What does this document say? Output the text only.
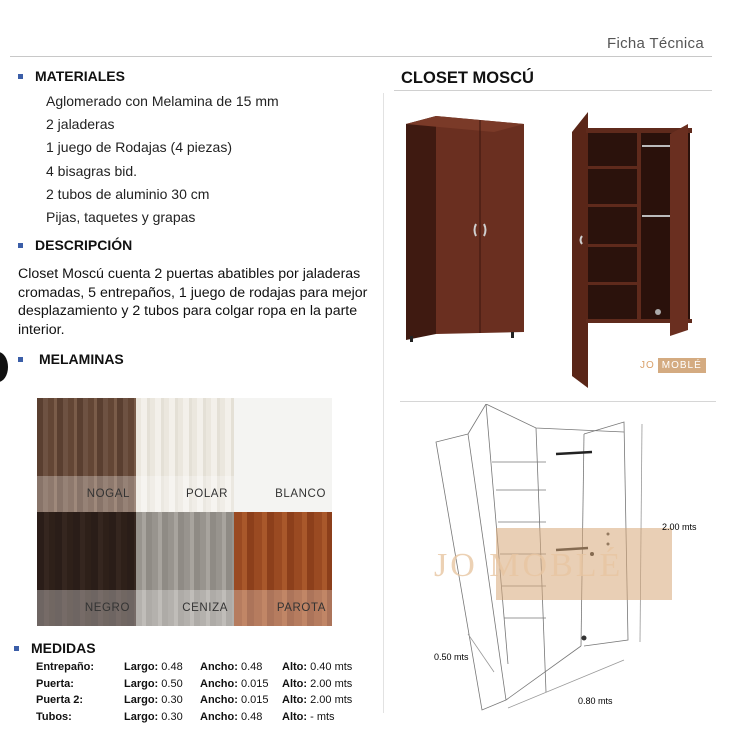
Ficha Técnica
MATERIALES
Aglomerado con Melamina de 15 mm
2 jaladeras
1 juego de Rodajas (4 piezas)
4 bisagras bid.
2 tubos de aluminio 30 cm
Pijas, taquetes y grapas
DESCRIPCIÓN
Closet Moscú cuenta 2 puertas abatibles por jaladeras cromadas, 5 entrepaños, 1 juego de rodajas para mejor desplazamiento y 2 tubos para colgar ropa en la parte interior.
MELAMINAS
NOGAL	POLAR	BLANCO
NEGRO	CENIZA	PAROTA
MEDIDAS
Entrepaño:	Largo: 0.48	Ancho: 0.48	Alto: 0.40 mts
Puerta:	Largo: 0.50	Ancho: 0.015	Alto: 2.00 mts
Puerta 2:	Largo: 0.30	Ancho: 0.015	Alto: 2.00 mts
Tubos:	Largo: 0.30	Ancho: 0.48	Alto: - mts
CLOSET MOSCÚ
JO MOBLÉ
JO MOBLÉ
2.00 mts
0.50 mts
0.80 mts
